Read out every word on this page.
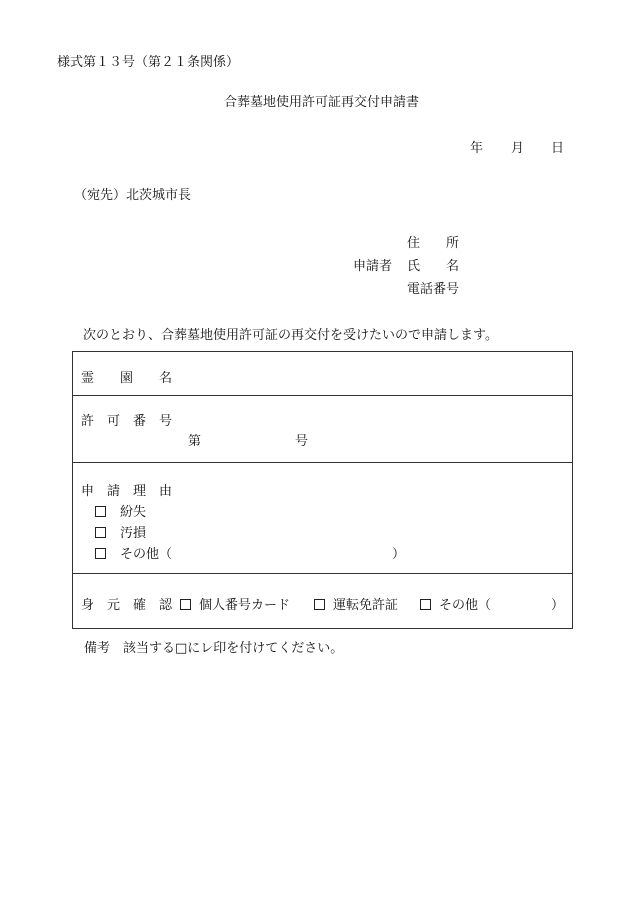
様式第１３号（第２１条関係）
合葬墓地使用許可証再交付申請書
年 月 日
（宛先）北茨城市長
住　　所
申請者 氏　　名
電話番号
次のとおり、合葬墓地使用許可証の再交付を受けたいので申請します。
霊　　園　　名
許　可　番　号
第	号
申　請　理　由
紛失
汚損
その他（	）
身　元　確　認	個人番号カード	運転免許証	その他（	）
備考　該当する□にレ印を付けてください。
